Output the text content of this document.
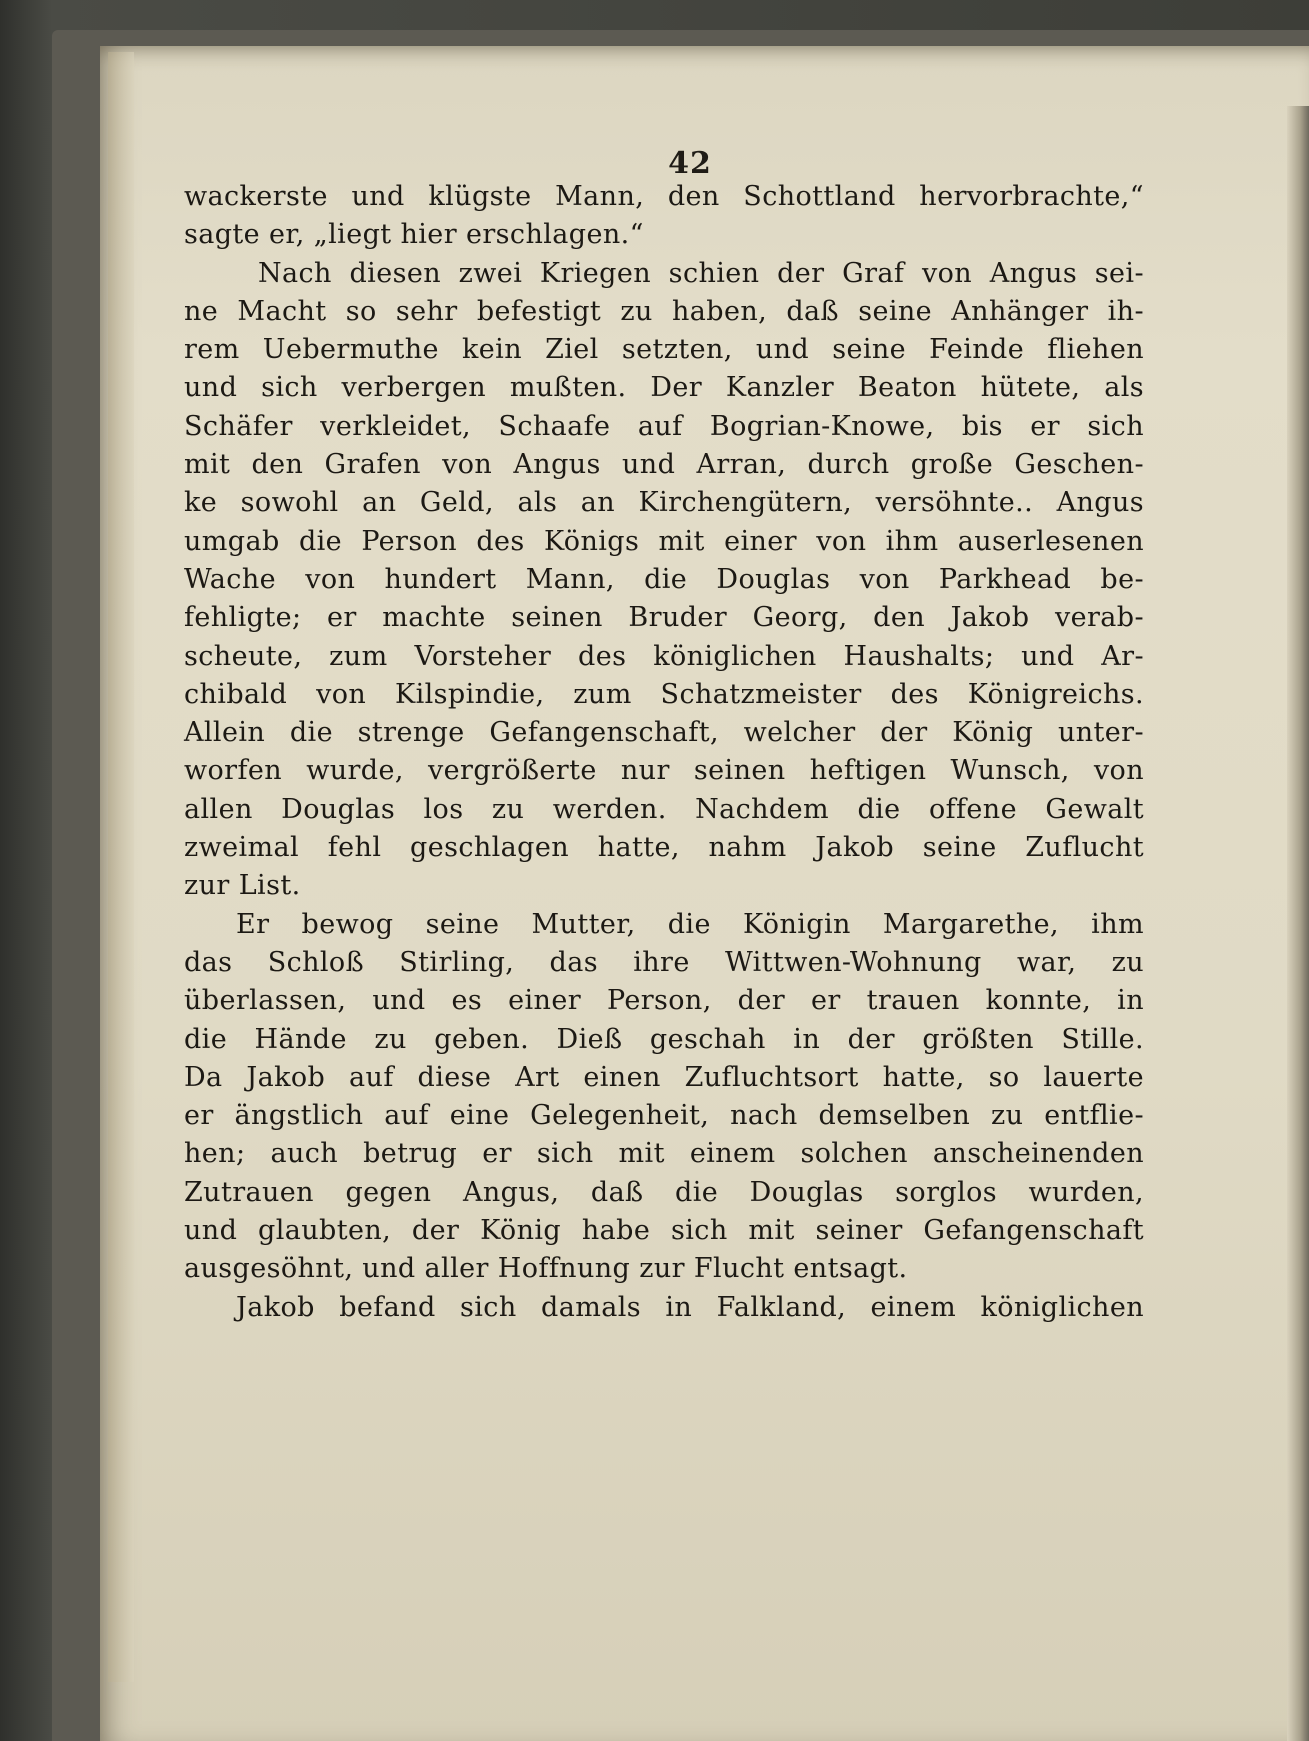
42
wackerste und klügste Mann, den Schottland hervorbrachte,“
sagte er, „liegt hier erschlagen.“
Nach diesen zwei Kriegen schien der Graf von Angus sei-
ne Macht so sehr befestigt zu haben, daß seine Anhänger ih-
rem Uebermuthe kein Ziel setzten, und seine Feinde fliehen
und sich verbergen mußten. Der Kanzler Beaton hütete, als
Schäfer verkleidet, Schaafe auf Bogrian-Knowe, bis er sich
mit den Grafen von Angus und Arran, durch große Geschen-
ke sowohl an Geld, als an Kirchengütern, versöhnte.. Angus
umgab die Person des Königs mit einer von ihm auserlesenen
Wache von hundert Mann, die Douglas von Parkhead be-
fehligte; er machte seinen Bruder Georg, den Jakob verab-
scheute, zum Vorsteher des königlichen Haushalts; und Ar-
chibald von Kilspindie, zum Schatzmeister des Königreichs.
Allein die strenge Gefangenschaft, welcher der König unter-
worfen wurde, vergrößerte nur seinen heftigen Wunsch, von
allen Douglas los zu werden. Nachdem die offene Gewalt
zweimal fehl geschlagen hatte, nahm Jakob seine Zuflucht
zur List.
Er bewog seine Mutter, die Königin Margarethe, ihm
das Schloß Stirling, das ihre Wittwen-Wohnung war, zu
überlassen, und es einer Person, der er trauen konnte, in
die Hände zu geben. Dieß geschah in der größten Stille.
Da Jakob auf diese Art einen Zufluchtsort hatte, so lauerte
er ängstlich auf eine Gelegenheit, nach demselben zu entflie-
hen; auch betrug er sich mit einem solchen anscheinenden
Zutrauen gegen Angus, daß die Douglas sorglos wurden,
und glaubten, der König habe sich mit seiner Gefangenschaft
ausgesöhnt, und aller Hoffnung zur Flucht entsagt.
Jakob befand sich damals in Falkland, einem königlichen
